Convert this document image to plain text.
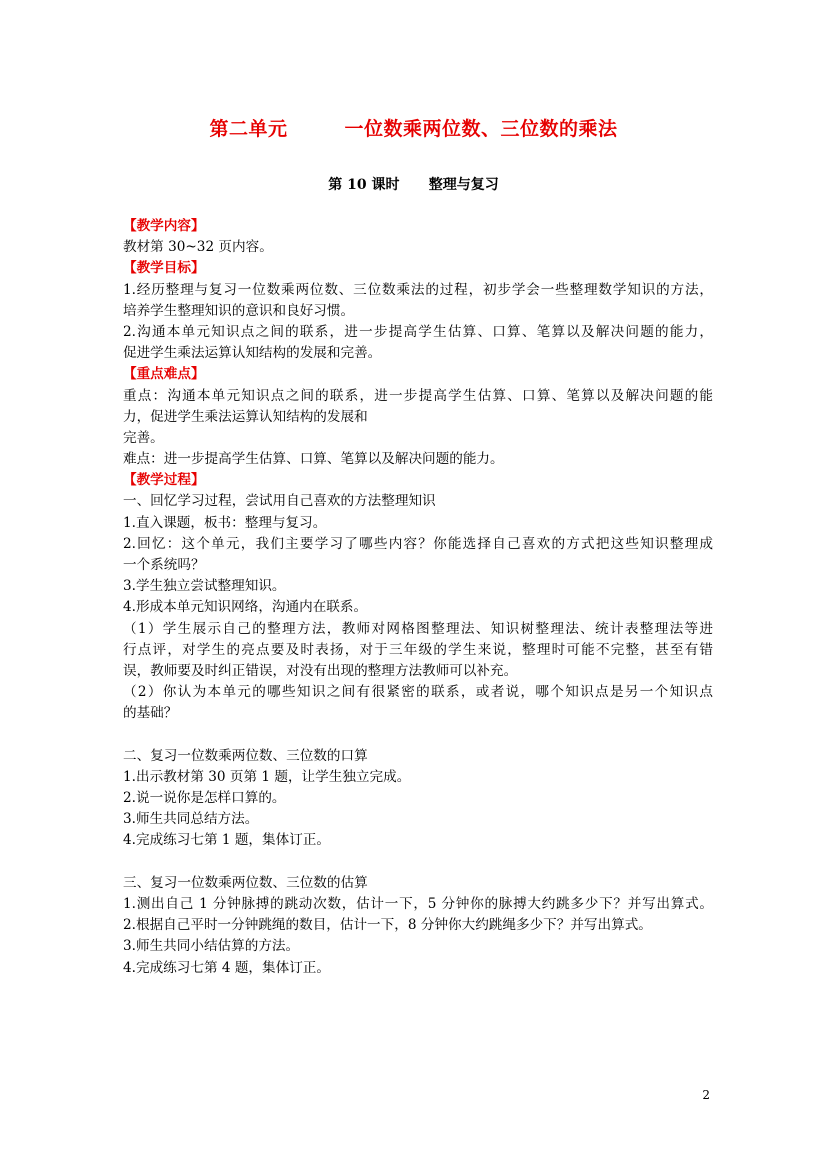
第二单元        一位数乘两位数、三位数的乘法
第 10 课时      整理与复习
【教学内容】
教材第 30~32 页内容。
【教学目标】
1.经历整理与复习一位数乘两位数、三位数乘法的过程，初步学会一些整理数学知识的方法，
培养学生整理知识的意识和良好习惯。
2.沟通本单元知识点之间的联系，进一步提高学生估算、口算、笔算以及解决问题的能力，
促进学生乘法运算认知结构的发展和完善。
【重点难点】
重点：沟通本单元知识点之间的联系，进一步提高学生估算、口算、笔算以及解决问题的能
力，促进学生乘法运算认知结构的发展和
完善。
难点：进一步提高学生估算、口算、笔算以及解决问题的能力。
【教学过程】
一、回忆学习过程，尝试用自己喜欢的方法整理知识
1.直入课题，板书：整理与复习。
2.回忆：这个单元，我们主要学习了哪些内容？你能选择自己喜欢的方式把这些知识整理成
一个系统吗？
3.学生独立尝试整理知识。
4.形成本单元知识网络，沟通内在联系。
（1）学生展示自己的整理方法，教师对网格图整理法、知识树整理法、统计表整理法等进
行点评，对学生的亮点要及时表扬，对于三年级的学生来说，整理时可能不完整，甚至有错
误，教师要及时纠正错误，对没有出现的整理方法教师可以补充。
（2）你认为本单元的哪些知识之间有很紧密的联系，或者说，哪个知识点是另一个知识点
的基础？
二、复习一位数乘两位数、三位数的口算
1.出示教材第 30 页第 1 题，让学生独立完成。
2.说一说你是怎样口算的。
3.师生共同总结方法。
4.完成练习七第 1 题，集体订正。
三、复习一位数乘两位数、三位数的估算
1.测出自己 1 分钟脉搏的跳动次数，估计一下，5 分钟你的脉搏大约跳多少下？并写出算式。
2.根据自己平时一分钟跳绳的数目，估计一下，8 分钟你大约跳绳多少下？并写出算式。
3.师生共同小结估算的方法。
4.完成练习七第 4 题，集体订正。
2
